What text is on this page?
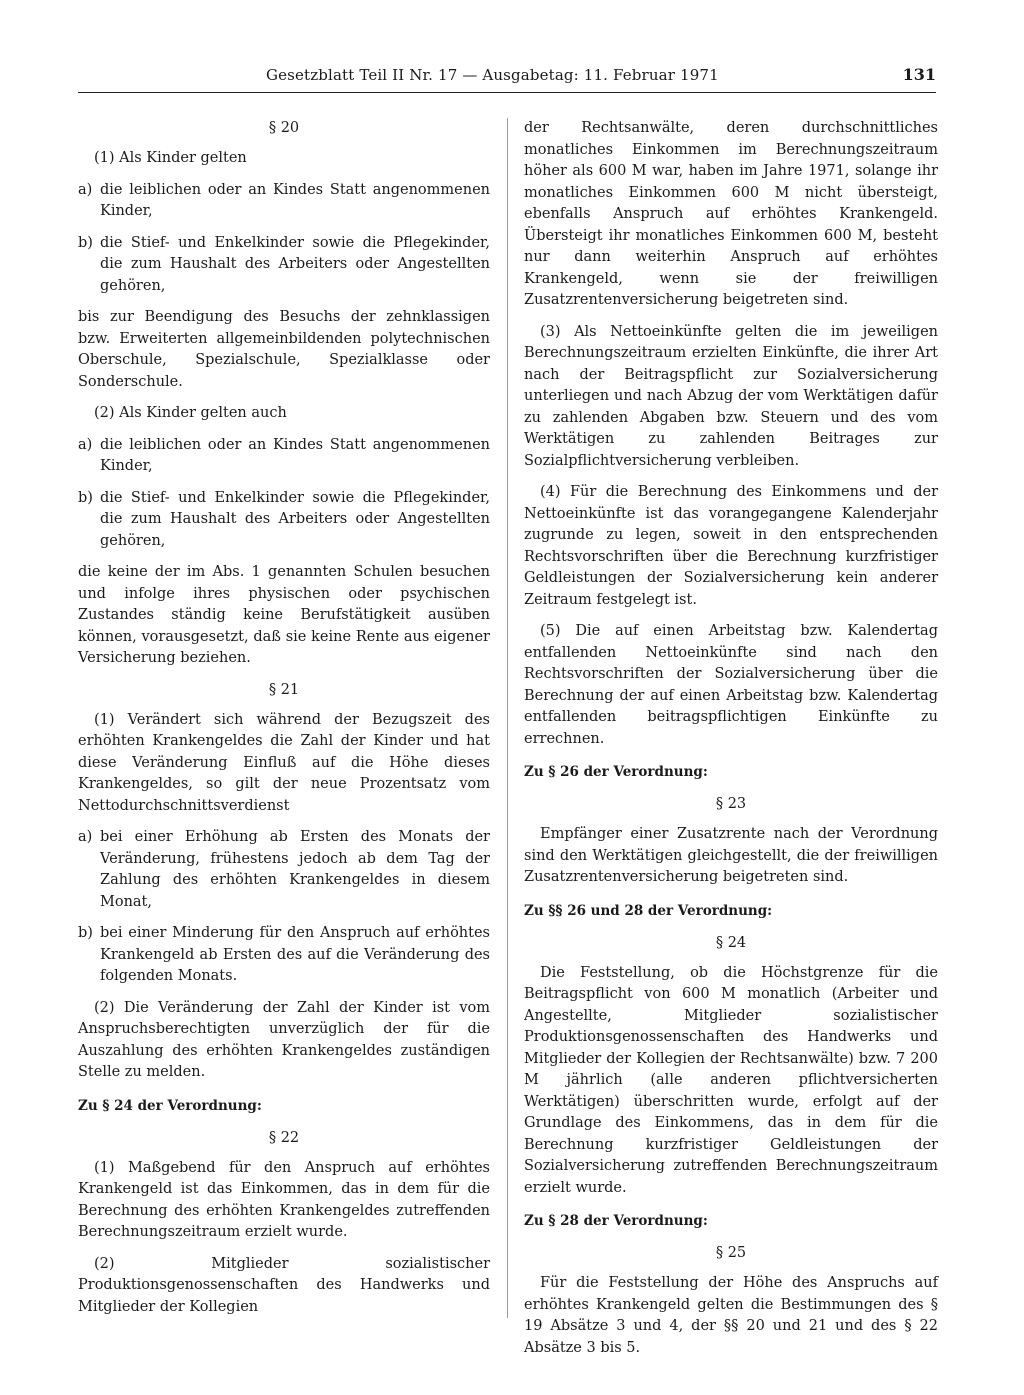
Gesetzblatt Teil II Nr. 17 — Ausgabetag: 11. Februar 1971	131
§ 20

(1) Als Kinder gelten

a) die leiblichen oder an Kindes Statt angenommenen Kinder,
b) die Stief- und Enkelkinder sowie die Pflegekinder, die zum Haushalt des Arbeiters oder Angestellten gehören,

bis zur Beendigung des Besuchs der zehnklassigen bzw. Erweiterten allgemeinbildenden polytechnischen Oberschule, Spezialschule, Spezialklasse oder Sonderschule.

(2) Als Kinder gelten auch

a) die leiblichen oder an Kindes Statt angenommenen Kinder,
b) die Stief- und Enkelkinder sowie die Pflegekinder, die zum Haushalt des Arbeiters oder Angestellten gehören,

die keine der im Abs. 1 genannten Schulen besuchen und infolge ihres physischen oder psychischen Zustandes ständig keine Berufstätigkeit ausüben können, vorausgesetzt, daß sie keine Rente aus eigener Versicherung beziehen.

§ 21

(1) Verändert sich während der Bezugszeit des erhöhten Krankengeldes die Zahl der Kinder und hat diese Veränderung Einfluß auf die Höhe dieses Krankengeldes, so gilt der neue Prozentsatz vom Nettodurchschnittsverdienst

a) bei einer Erhöhung ab Ersten des Monats der Veränderung, frühestens jedoch ab dem Tag der Zahlung des erhöhten Krankengeldes in diesem Monat,
b) bei einer Minderung für den Anspruch auf erhöhtes Krankengeld ab Ersten des auf die Veränderung des folgenden Monats.

(2) Die Veränderung der Zahl der Kinder ist vom Anspruchsberechtigten unverzüglich der für die Auszahlung des erhöhten Krankengeldes zuständigen Stelle zu melden.

Zu § 24 der Verordnung:
§ 22

(1) Maßgebend für den Anspruch auf erhöhtes Krankengeld ist das Einkommen, das in dem für die Berechnung des erhöhten Krankengeldes zutreffenden Berechnungszeitraum erzielt wurde.

(2) Mitglieder sozialistischer Produktionsgenossenschaften des Handwerks und Mitglieder der Kollegien

der Rechtsanwälte, deren durchschnittliches monatliches Einkommen im Berechnungszeitraum höher als 600 M war, haben im Jahre 1971, solange ihr monatliches Einkommen 600 M nicht übersteigt, ebenfalls Anspruch auf erhöhtes Krankengeld. Übersteigt ihr monatliches Einkommen 600 M, besteht nur dann weiterhin Anspruch auf erhöhtes Krankengeld, wenn sie der freiwilligen Zusatzrentenversicherung beigetreten sind.

(3) Als Nettoeinkünfte gelten die im jeweiligen Berechnungszeitraum erzielten Einkünfte, die ihrer Art nach der Beitragspflicht zur Sozialversicherung unterliegen und nach Abzug der vom Werktätigen dafür zu zahlenden Abgaben bzw. Steuern und des vom Werktätigen zu zahlenden Beitrages zur Sozialpflichtversicherung verbleiben.

(4) Für die Berechnung des Einkommens und der Nettoeinkünfte ist das vorangegangene Kalenderjahr zugrunde zu legen, soweit in den entsprechenden Rechtsvorschriften über die Berechnung kurzfristiger Geldleistungen der Sozialversicherung kein anderer Zeitraum festgelegt ist.

(5) Die auf einen Arbeitstag bzw. Kalendertag entfallenden Nettoeinkünfte sind nach den Rechtsvorschriften der Sozialversicherung über die Berechnung der auf einen Arbeitstag bzw. Kalendertag entfallenden beitragspflichtigen Einkünfte zu errechnen.

Zu § 26 der Verordnung:
§ 23

Empfänger einer Zusatzrente nach der Verordnung sind den Werktätigen gleichgestellt, die der freiwilligen Zusatzrentenversicherung beigetreten sind.

Zu §§ 26 und 28 der Verordnung:
§ 24

Die Feststellung, ob die Höchstgrenze für die Beitragspflicht von 600 M monatlich (Arbeiter und Angestellte, Mitglieder sozialistischer Produktionsgenossenschaften des Handwerks und Mitglieder der Kollegien der Rechtsanwälte) bzw. 7 200 M jährlich (alle anderen pflichtversicherten Werktätigen) überschritten wurde, erfolgt auf der Grundlage des Einkommens, das in dem für die Berechnung kurzfristiger Geldleistungen der Sozialversicherung zutreffenden Berechnungszeitraum erzielt wurde.

Zu § 28 der Verordnung:
§ 25

Für die Feststellung der Höhe des Anspruchs auf erhöhtes Krankengeld gelten die Bestimmungen des § 19 Absätze 3 und 4, der §§ 20 und 21 und des § 22 Absätze 3 bis 5.
